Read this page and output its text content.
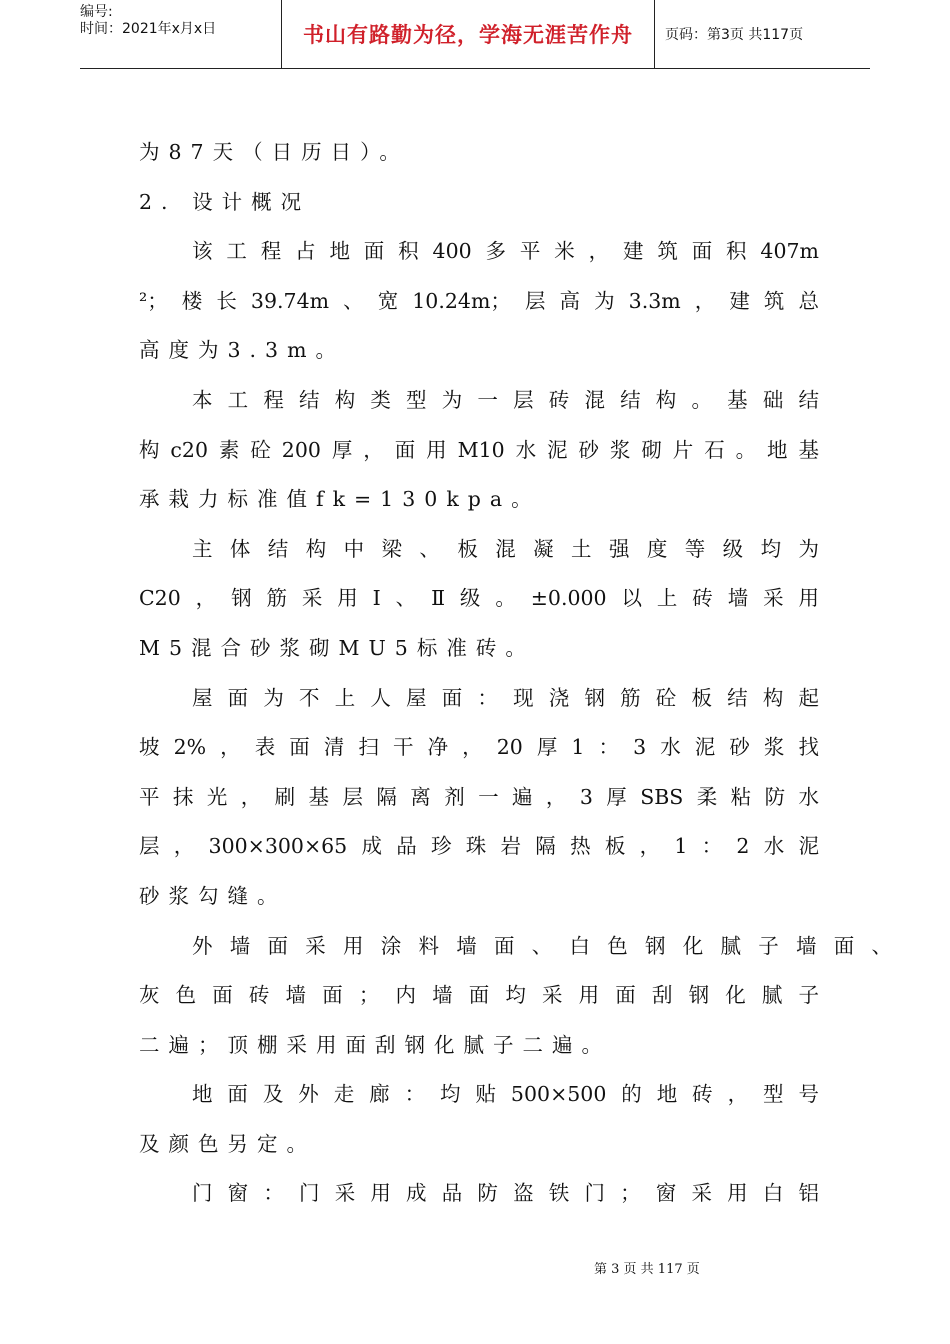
编号:
时间：2021年x月x日	书山有路勤为径，学海无涯苦作舟	页码：第3页 共117页
为87天（日历日）。
2. 设计概况
该工程占地面积400多平米，建筑面积407m
²；楼长39.74m、宽10.24m；层高为3.3m，建筑总
高度为3.3m。
本工程结构类型为一层砖混结构。基础结
构c20素砼200厚，面用M10水泥砂浆砌片石。地基
承栽力标准值fk=130kpa。
主体结构中梁、板混凝土强度等级均为
C20，钢筋采用Ⅰ、Ⅱ级。±0.000以上砖墙采用
M5混合砂浆砌MU5标准砖。
屋面为不上人屋面：现浇钢筋砼板结构起
坡2%，表面清扫干净，20厚1：3水泥砂浆找
平抹光，刷基层隔离剂一遍，3厚SBS柔粘防水
层，300×300×65成品珍珠岩隔热板，1：2水泥
砂浆勾缝。
外墙面采用涂料墙面、白色钢化腻子墙面、
灰色面砖墙面；内墙面均采用面刮钢化腻子
二遍；顶棚采用面刮钢化腻子二遍。
地面及外走廊：均贴500×500的地砖，型号
及颜色另定。
门窗：门采用成品防盗铁门；窗采用白铝
第 3 页 共 117 页
